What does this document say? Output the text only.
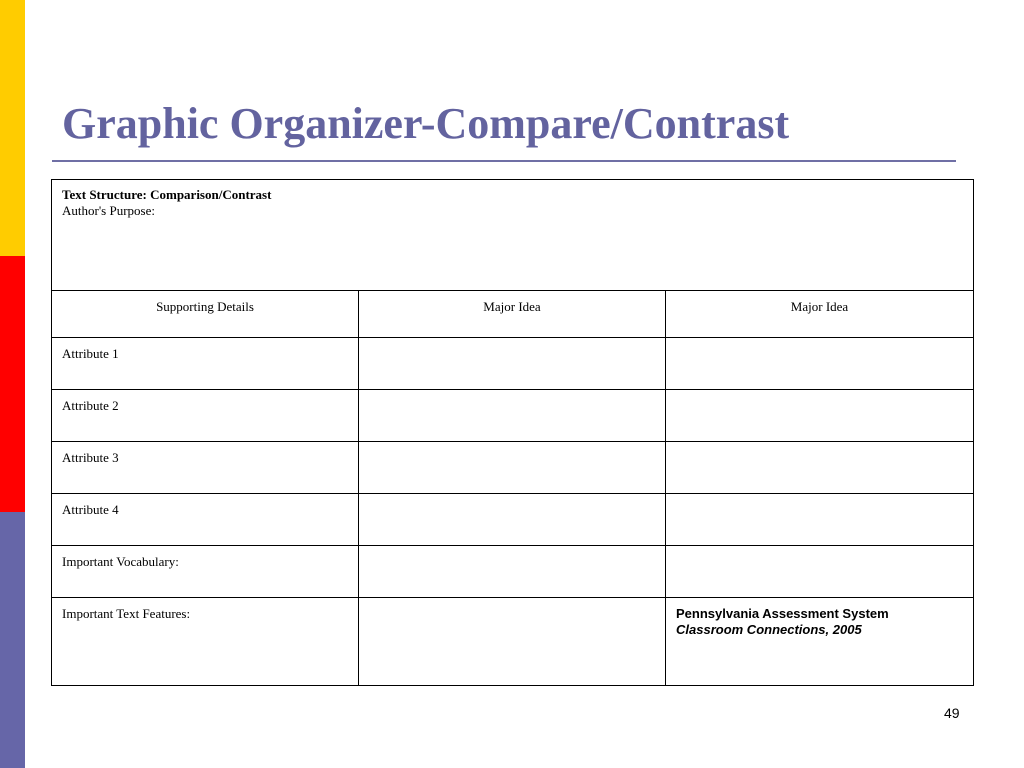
Graphic Organizer-Compare/Contrast
Text Structure: Comparison/Contrast
Author's Purpose:		

Supporting Details	Major Idea	Major Idea
Attribute 1		
Attribute 2		
Attribute 3		
Attribute 4		
Important Vocabulary:		
Important Text Features:		Pennsylvania Assessment System
Classroom Connections, 2005
49
